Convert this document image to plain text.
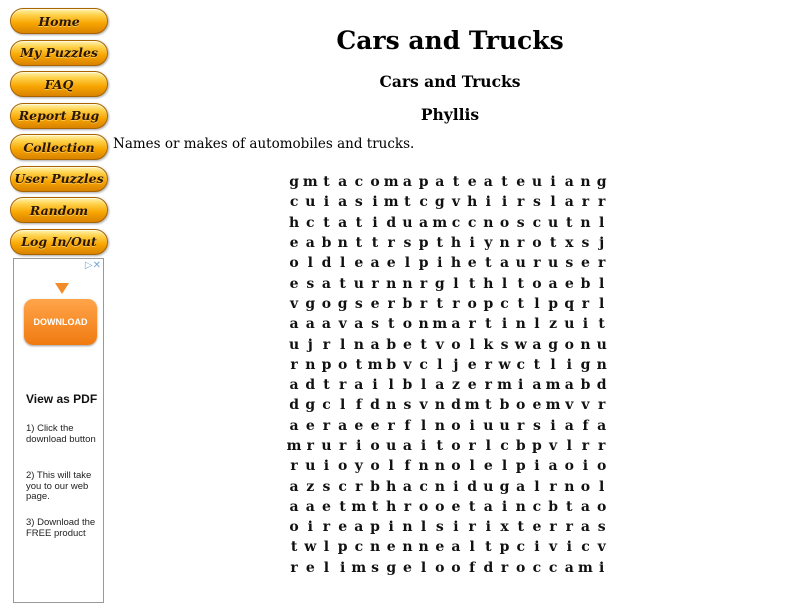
Home
My Puzzles
FAQ
Report Bug
Collection
User Puzzles
Random
Log In/Out
▷✕
DOWNLOAD
View as PDF
1) Click the download button
2) This will take you to our web page.
3) Download the FREE product
Cars and Trucks
Cars and Trucks
Phyllis
Names or makes of automobiles and trucks.
g m t a c o m a p a t e a t e u i a n g
c u i a s i m t c g v h i i r s l a r r
h c t a t i d u a m c c n o s c u t n l
e a b n t t r s p t h i y n r o t x s j
o l d l e a e l p i h e t a u r u s e r
e s a t u r n n r g l t h l t o a e b l
v g o g s e r b r t r o p c t l p q r l
a a a v a s t o n m a r t i n l z u i t
u j r l n a b e t v o l k s w a g o n u
r n p o t m b v c l j e r w c t l i g n
a d t r a i l b l a z e r m i a m a b d
d g c l f d n s v n d m t b o e m v v r
a e r a e e r f l n o i u u r s i a f a
m r u r i o u a i t o r l c b p v l r r
r u i o y o l f n n o l e l p i a o i o
a z s c r b h a c n i d u g a l r n o l
a a e t m t h r o o e t a i n c b t a o
o i r e a p i n l s i r i x t e r r a s
t w l p c n e n n e a l t p c i v i c v
r e l i m s g e l o o f d r o c c a m i
